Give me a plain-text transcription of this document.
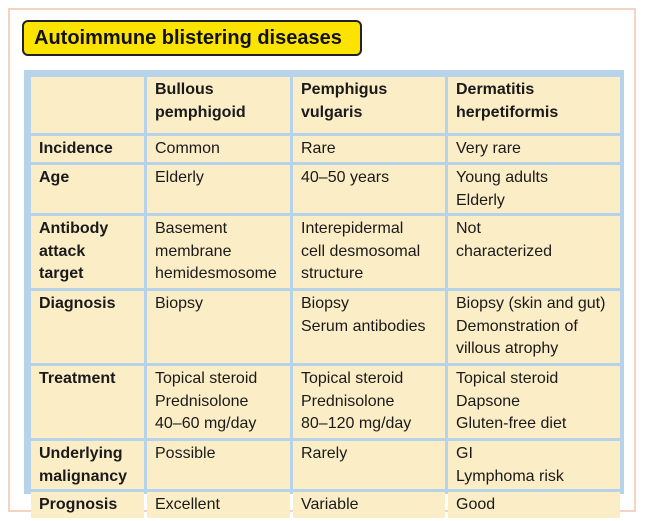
Autoimmune blistering diseases

	Bullous
pemphigoid	Pemphigus
vulgaris	Dermatitis
herpetiformis

Incidence	Common	Rare	Very rare

Age	Elderly	40–50 years	Young adults
Elderly

Antibody
attack
target	Basement
membrane
hemidesmosome	Interepidermal
cell desmosomal
structure	Not
characterized

Diagnosis	Biopsy	Biopsy
Serum antibodies	Biopsy (skin and gut)
Demonstration of
villous atrophy

Treatment	Topical steroid
Prednisolone
40–60 mg/day	Topical steroid
Prednisolone
80–120 mg/day	Topical steroid
Dapsone
Gluten-free diet

Underlying
malignancy	Possible	Rarely	GI
Lymphoma risk

Prognosis	Excellent	Variable	Good
